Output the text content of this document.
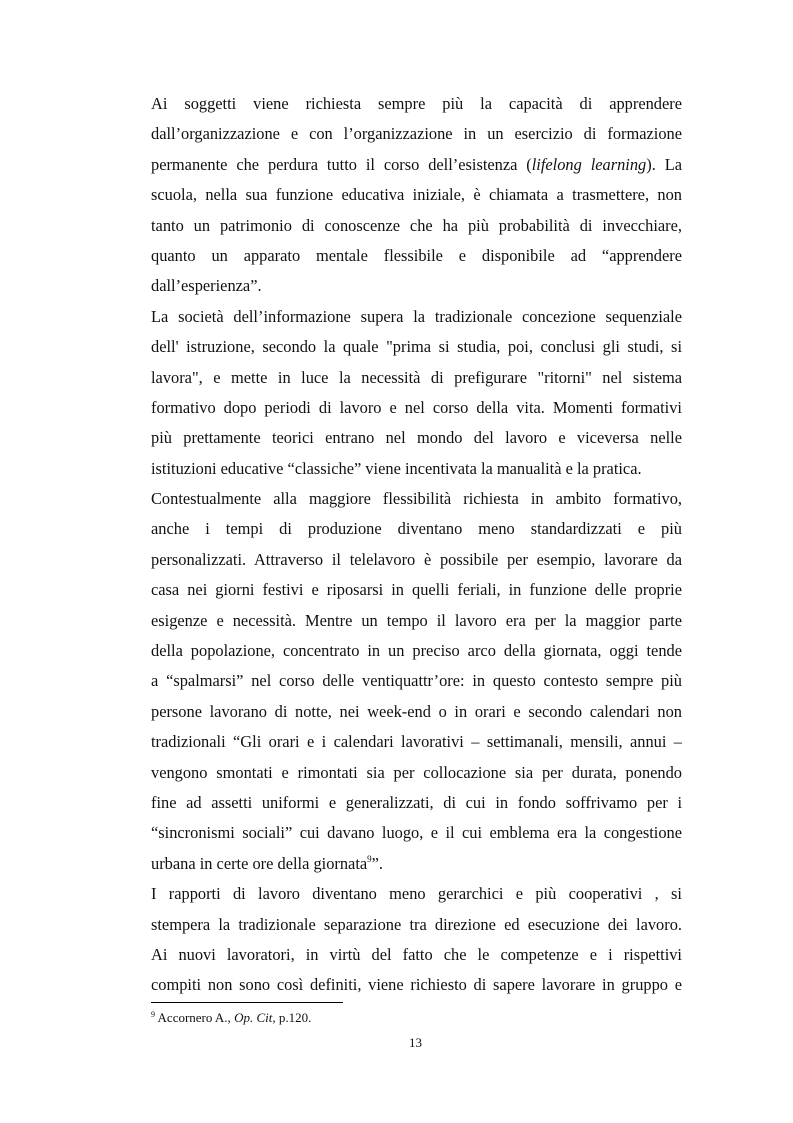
Ai soggetti viene richiesta sempre più la capacità di apprendere
dall’organizzazione e con l’organizzazione in un esercizio di formazione
permanente che perdura tutto il corso dell’esistenza (lifelong learning). La
scuola, nella sua funzione educativa iniziale, è chiamata a trasmettere, non
tanto un patrimonio di conoscenze che ha più probabilità di invecchiare,
quanto un apparato mentale flessibile e disponibile ad “apprendere
dall’esperienza”.
La società dell’informazione supera la tradizionale concezione sequenziale
dell' istruzione, secondo la quale "prima si studia, poi, conclusi gli studi, si
lavora", e mette in luce la necessità di prefigurare "ritorni" nel sistema
formativo dopo periodi di lavoro e nel corso della vita. Momenti formativi
più prettamente teorici entrano nel mondo del lavoro e viceversa nelle
istituzioni educative “classiche” viene incentivata la manualità e la pratica.
Contestualmente alla maggiore flessibilità richiesta in ambito formativo,
anche i tempi di produzione diventano meno standardizzati e più
personalizzati. Attraverso il telelavoro è possibile per esempio, lavorare da
casa nei giorni festivi e riposarsi in quelli feriali, in funzione delle proprie
esigenze e necessità. Mentre un tempo il lavoro era per la maggior parte
della popolazione, concentrato in un preciso arco della giornata, oggi tende
a “spalmarsi” nel corso delle ventiquattr’ore: in questo contesto sempre più
persone lavorano di notte, nei week-end o in orari e secondo calendari non
tradizionali “Gli orari e i calendari lavorativi – settimanali, mensili, annui –
vengono smontati e rimontati sia per collocazione sia per durata, ponendo
fine ad assetti uniformi e generalizzati, di cui in fondo soffrivamo per i
“sincronismi sociali” cui davano luogo, e il cui emblema era la congestione
urbana in certe ore della giornata$^9$”.
I rapporti di lavoro diventano meno gerarchici e più cooperativi , si
stempera la tradizionale separazione tra direzione ed esecuzione dei lavoro.
Ai nuovi lavoratori, in virtù del fatto che le competenze e i rispettivi
compiti non sono così definiti, viene richiesto di sapere lavorare in gruppo e
$^9$ Accornero A., Op. Cit, p.120.
13
